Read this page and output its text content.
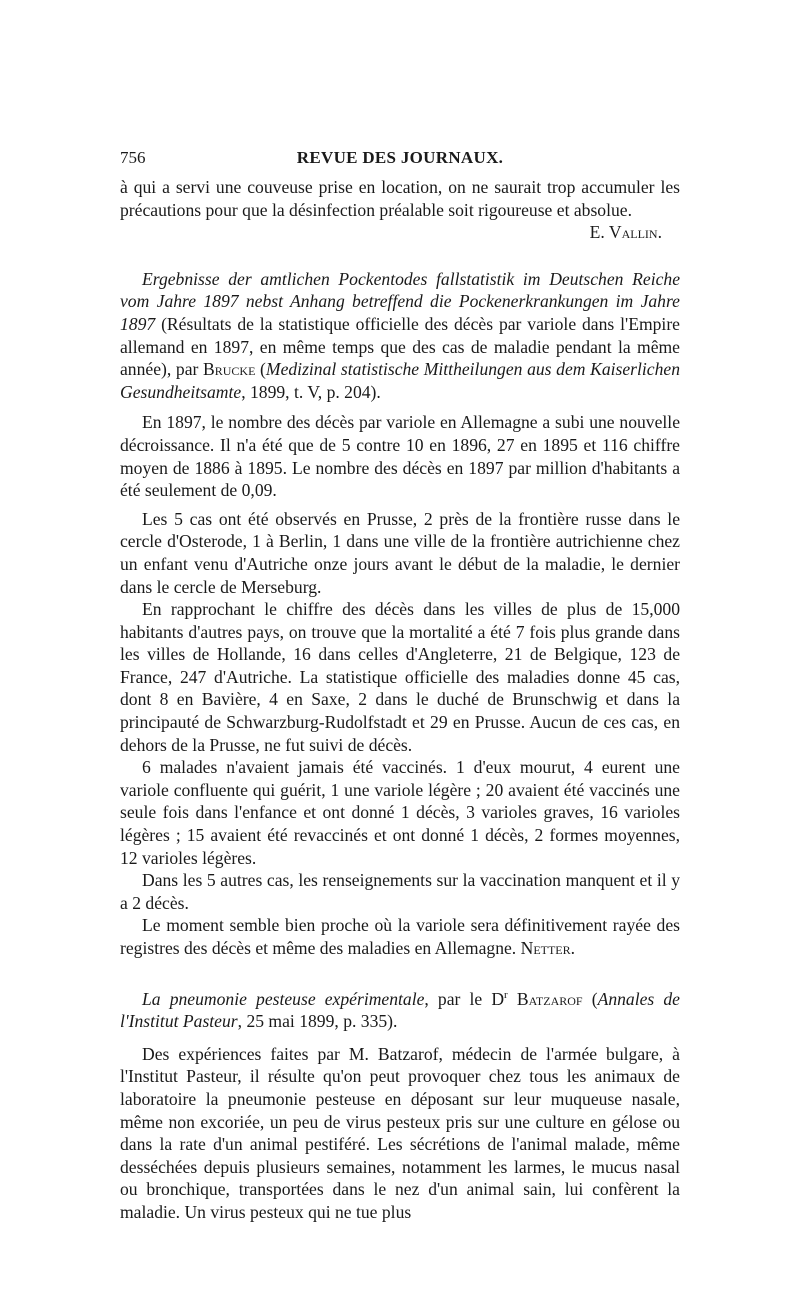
756	REVUE DES JOURNAUX.

à qui a servi une couveuse prise en location, on ne saurait trop accumuler les précautions pour que la désinfection préalable soit rigoureuse et absolue.

E. Vallin.

Ergebnisse der amtlichen Pockentodes fallstatistik im Deutschen Reiche vom Jahre 1897 nebst Anhang betreffend die Pockenerkrankungen im Jahre 1897 (Résultats de la statistique officielle des décès par variole dans l'Empire allemand en 1897, en même temps que des cas de maladie pendant la même année), par Brucke (Medizinal statistische Mittheilungen aus dem Kaiserlichen Gesundheitsamte, 1899, t. V, p. 204).

En 1897, le nombre des décès par variole en Allemagne a subi une nouvelle décroissance. Il n'a été que de 5 contre 10 en 1896, 27 en 1895 et 116 chiffre moyen de 1886 à 1895. Le nombre des décès en 1897 par million d'habitants a été seulement de 0,09.

Les 5 cas ont été observés en Prusse, 2 près de la frontière russe dans le cercle d'Osterode, 1 à Berlin, 1 dans une ville de la frontière autrichienne chez un enfant venu d'Autriche onze jours avant le début de la maladie, le dernier dans le cercle de Merseburg.

En rapprochant le chiffre des décès dans les villes de plus de 15,000 habitants d'autres pays, on trouve que la mortalité a été 7 fois plus grande dans les villes de Hollande, 16 dans celles d'Angleterre, 21 de Belgique, 123 de France, 247 d'Autriche. La statistique officielle des maladies donne 45 cas, dont 8 en Bavière, 4 en Saxe, 2 dans le duché de Brunschwig et dans la principauté de Schwarzburg-Rudolfstadt et 29 en Prusse. Aucun de ces cas, en dehors de la Prusse, ne fut suivi de décès.

6 malades n'avaient jamais été vaccinés. 1 d'eux mourut, 4 eurent une variole confluente qui guérit, 1 une variole légère ; 20 avaient été vaccinés une seule fois dans l'enfance et ont donné 1 décès, 3 varioles graves, 16 varioles légères ; 15 avaient été revaccinés et ont donné 1 décès, 2 formes moyennes, 12 varioles légères.

Dans les 5 autres cas, les renseignements sur la vaccination manquent et il y a 2 décès.

Le moment semble bien proche où la variole sera définitivement rayée des registres des décès et même des maladies en Allemagne. Netter.

La pneumonie pesteuse expérimentale, par le $D^r$ Batzarof (Annales de l'Institut Pasteur, 25 mai 1899, p. 335).

Des expériences faites par M. Batzarof, médecin de l'armée bulgare, à l'Institut Pasteur, il résulte qu'on peut provoquer chez tous les animaux de laboratoire la pneumonie pesteuse en déposant sur leur muqueuse nasale, même non excoriée, un peu de virus pesteux pris sur une culture en gélose ou dans la rate d'un animal pestiféré. Les sécrétions de l'animal malade, même desséchées depuis plusieurs semaines, notamment les larmes, le mucus nasal ou bronchique, transportées dans le nez d'un animal sain, lui confèrent la maladie. Un virus pesteux qui ne tue plus
